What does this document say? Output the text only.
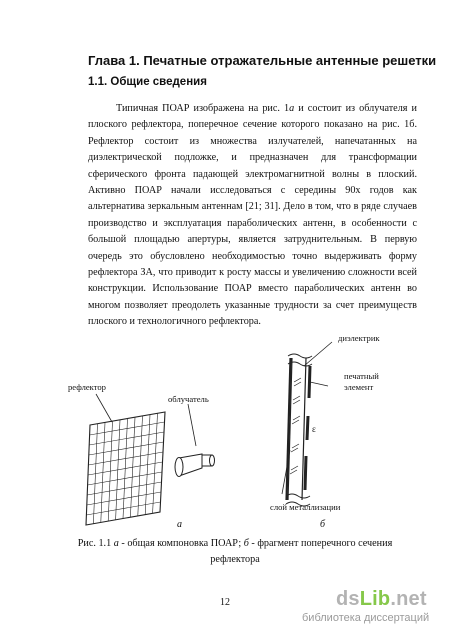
Глава 1. Печатные отражательные антенные решетки
1.1. Общие сведения

Типичная ПОАР изображена на рис. 1а и состоит из облучателя и плоского рефлектора, поперечное сечение которого показано на рис. 1б. Рефлектор состоит из множества излучателей, напечатанных на диэлектрической подложке, и предназначен для трансформации сферического фронта падающей электромагнитной волны в плоский. Активно ПОАР начали исследоваться с середины 90х годов как альтернатива зеркальным антеннам [21; 31]. Дело в том, что в ряде случаев производство и эксплуатация параболических антенн, в особенности с большой площадью апертуры, является затруднительным. В первую очередь это обусловлено необходимостью точно выдерживать форму рефлектора ЗА, что приводит к росту массы и увеличению сложности всей конструкции. Использование ПОАР вместо параболических антенн во многом позволяет преодолеть указанные трудности за счет преимуществ плоского и технологичного рефлектора.

рефлектор
облучатель
диэлектрик
печатный
элемент
ε
слой металлизации
а	б

Рис. 1.1 а - общая компоновка ПОАР; б - фрагмент поперечного сечения рефлектора

12	dsLib.net
библиотека диссертаций
